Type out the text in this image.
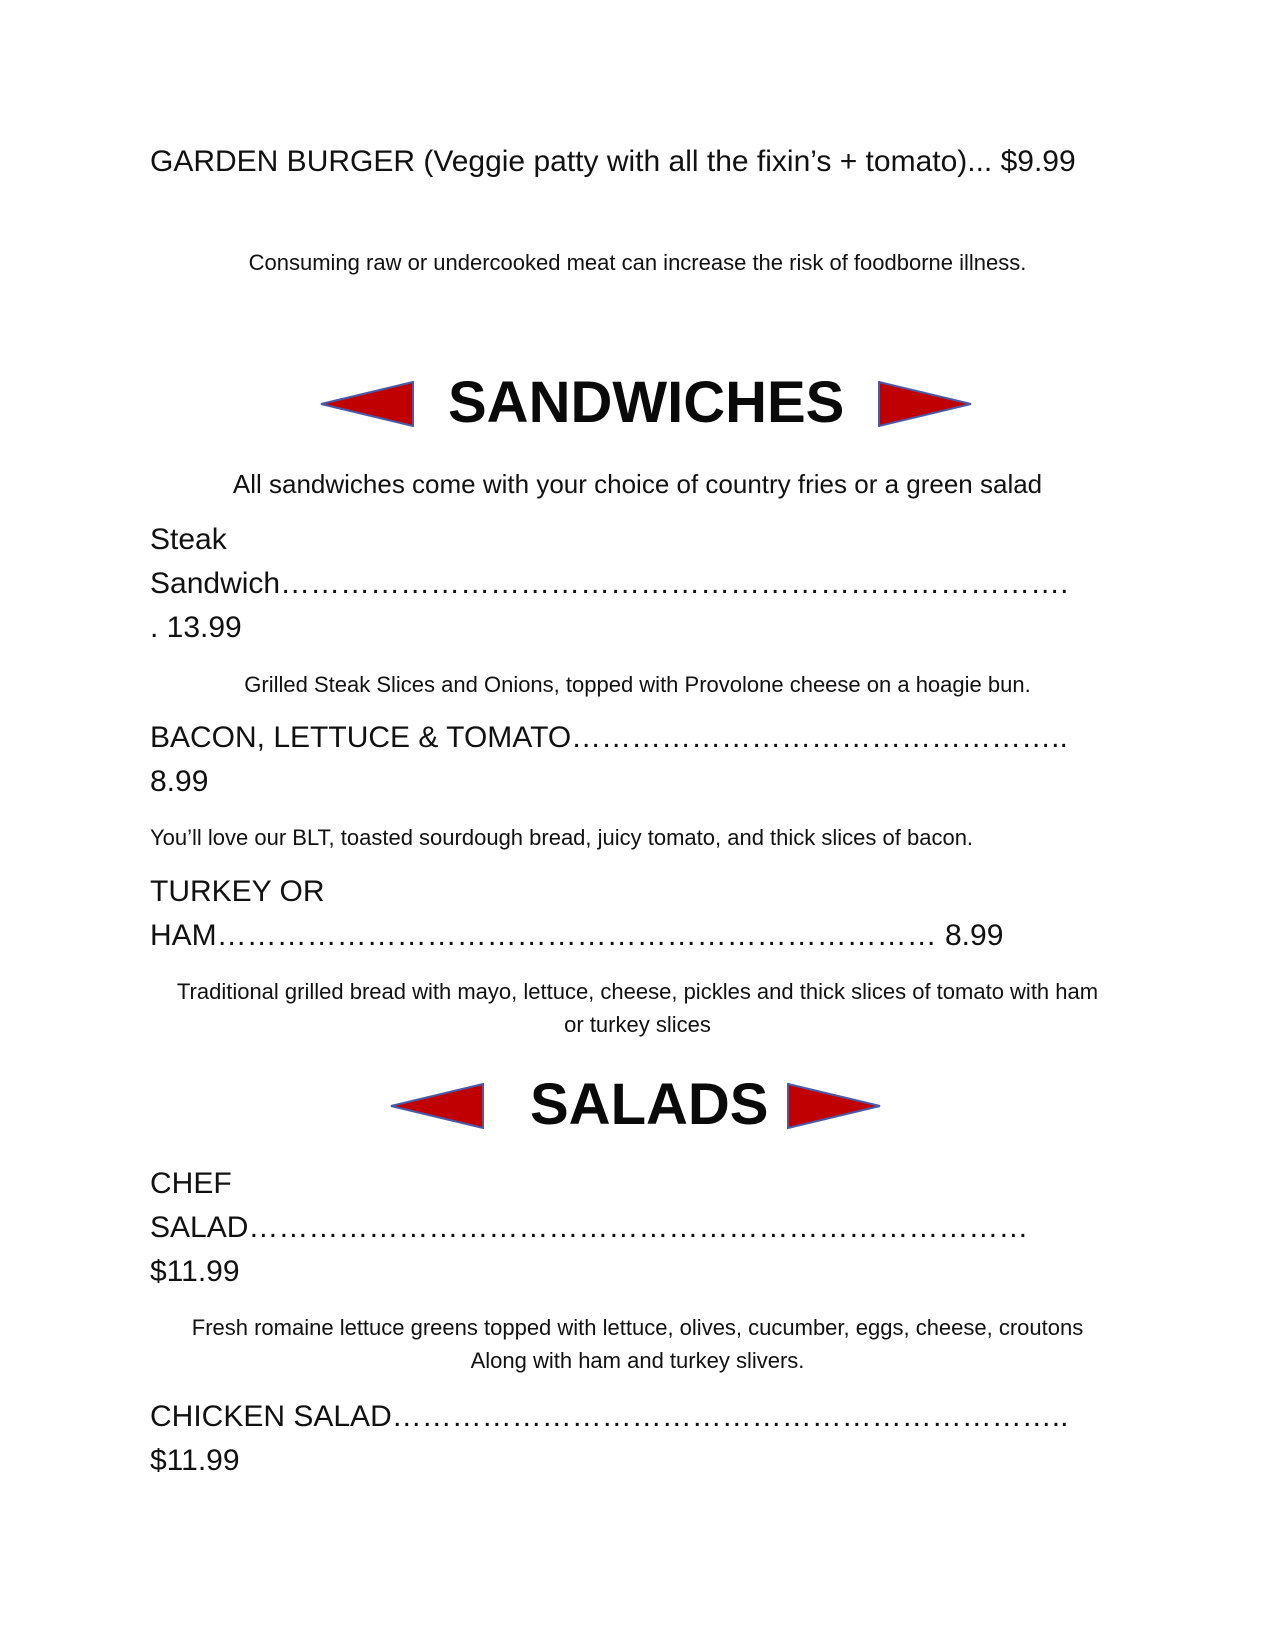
GARDEN BURGER (Veggie patty with all the fixin’s + tomato)... $9.99

Consuming raw or undercooked meat can increase the risk of foodborne illness.

SANDWICHES

All sandwiches come with your choice of country fries or a green salad

Steak

Sandwich…………………………………………………………………….

. 13.99

Grilled Steak Slices and Onions, topped with Provolone cheese on a hoagie bun.

BACON, LETTUCE & TOMATO…………………………………………..

8.99

You’ll love our BLT, toasted sourdough bread, juicy tomato, and thick slices of bacon.

TURKEY OR

HAM……………………………………………………………… 8.99

Traditional grilled bread with mayo, lettuce, cheese, pickles and thick slices of tomato with ham

or turkey slices

SALADS

CHEF

SALAD……………………………………………………………………

$11.99

Fresh romaine lettuce greens topped with lettuce, olives, cucumber, eggs, cheese, croutons

Along with ham and turkey slivers.

CHICKEN SALAD…………………………………………………………..

$11.99
